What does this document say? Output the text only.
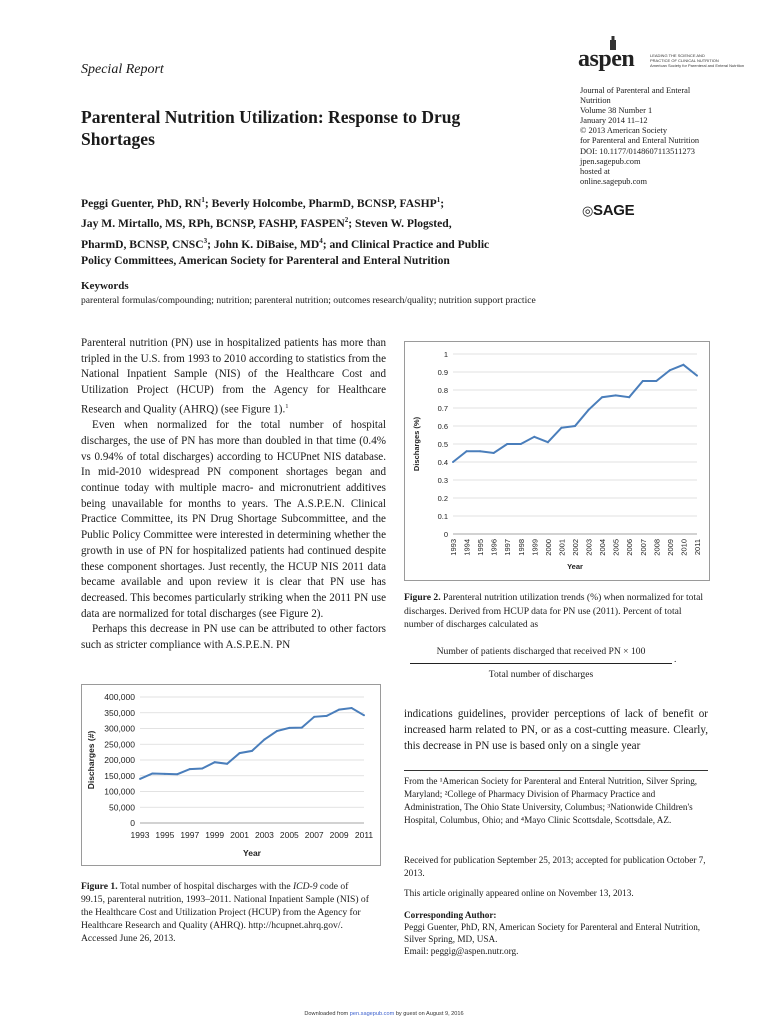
Special Report	aspen	LEADING THE SCIENCE AND
PRACTICE OF CLINICAL NUTRITION
American Society for Parenteral and Enteral Nutrition
Parenteral Nutrition Utilization: Response to Drug Shortages
Peggi Guenter, PhD, $RN^1$; Beverly Holcombe, PharmD, BCNSP, FASHP$^1$;
Jay M. Mirtallo, MS, RPh, BCNSP, FASHP, FASPEN$^2$; Steven W. Plogsted,
PharmD, BCNSP, CNSC$^3$; John K. DiBaise, $MD^4$; and Clinical Practice and Public
Policy Committees, American Society for Parenteral and Enteral Nutrition
Journal of Parenteral and Enteral
Nutrition
Volume 38 Number 1
January 2014 11–12
© 2013 American Society
for Parenteral and Enteral Nutrition
DOI: 10.1177/0148607113511273
jpen.sagepub.com
hosted at
online.sagepub.com
◎SAGE
Keywords
parenteral formulas/compounding; nutrition; parenteral nutrition; outcomes research/quality; nutrition support practice

Parenteral nutrition (PN) use in hospitalized patients has more than tripled in the U.S. from 1993 to 2010 according to statistics from the National Inpatient Sample (NIS) of the Healthcare Cost and Utilization Project (HCUP) from the Agency for Healthcare Research and Quality (AHRQ) (see Figure 1).$^1$

Even when normalized for the total number of hospital discharges, the use of PN has more than doubled in that time (0.4% vs 0.94% of total discharges) according to HCUPnet NIS database. In mid-2010 widespread PN component shortages began and continue today with multiple macro- and micronutrient additives being unavailable for months to years. The A.S.P.E.N. Clinical Practice Committee, its PN Drug Shortage Subcommittee, and the Public Policy Committee were interested in determining whether the growth in use of PN for hospitalized patients had continued despite these component shortages. Just recently, the HCUP NIS 2011 data became available and upon review it is clear that PN use has decreased. This becomes particularly striking when the 2011 PN use data are normalized for total discharges (see Figure 2).

Perhaps this decrease in PN use can be attributed to other factors such as stricter compliance with A.S.P.E.N. PN

0
50,000
100,000
150,000
200,000
250,000
300,000
350,000
400,000
1993 1995 1997 1999 2001 2003 2005 2007 2009 2011
Year
Discharges (#)
Figure 1. Total number of hospital discharges with the ICD-9 code of 99.15, parenteral nutrition, 1993–2011. National Inpatient Sample (NIS) of the Healthcare Cost and Utilization Project (HCUP) from the Agency for Healthcare Research and Quality (AHRQ). http://hcupnet.ahrq.gov/. Accessed June 26, 2013.
0
0.1
0.2
0.3
0.4
0.5
0.6
0.7
0.8
0.9
1
1993 1994 1995 1996 1997 1998 1999 2000 2001 2002 2003 2004 2005 2006 2007 2008 2009 2010 2011
Year
Discharges (%)
Figure 2. Parenteral nutrition utilization trends (%) when normalized for total discharges. Derived from HCUP data for PN use (2011). Percent of total number of discharges calculated as
Number of patients discharged that received PN × 100
Total number of discharges
.
indications guidelines, provider perceptions of lack of benefit or increased harm related to PN, or as a cost-cutting measure. Clearly, this decrease in PN use is based only on a single year
From the ¹American Society for Parenteral and Enteral Nutrition, Silver Spring, Maryland; ²College of Pharmacy Division of Pharmacy Practice and Administration, The Ohio State University, Columbus; ³Nationwide Children's Hospital, Columbus, Ohio; and ⁴Mayo Clinic Scottsdale, Scottsdale, AZ.
Received for publication September 25, 2013; accepted for publication October 7, 2013.
This article originally appeared online on November 13, 2013.
Corresponding Author:
Peggi Guenter, PhD, RN, American Society for Parenteral and Enteral Nutrition, Silver Spring, MD, USA.
Email: peggig@aspen.nutr.org.
Downloaded from pen.sagepub.com by guest on August 9, 2016
